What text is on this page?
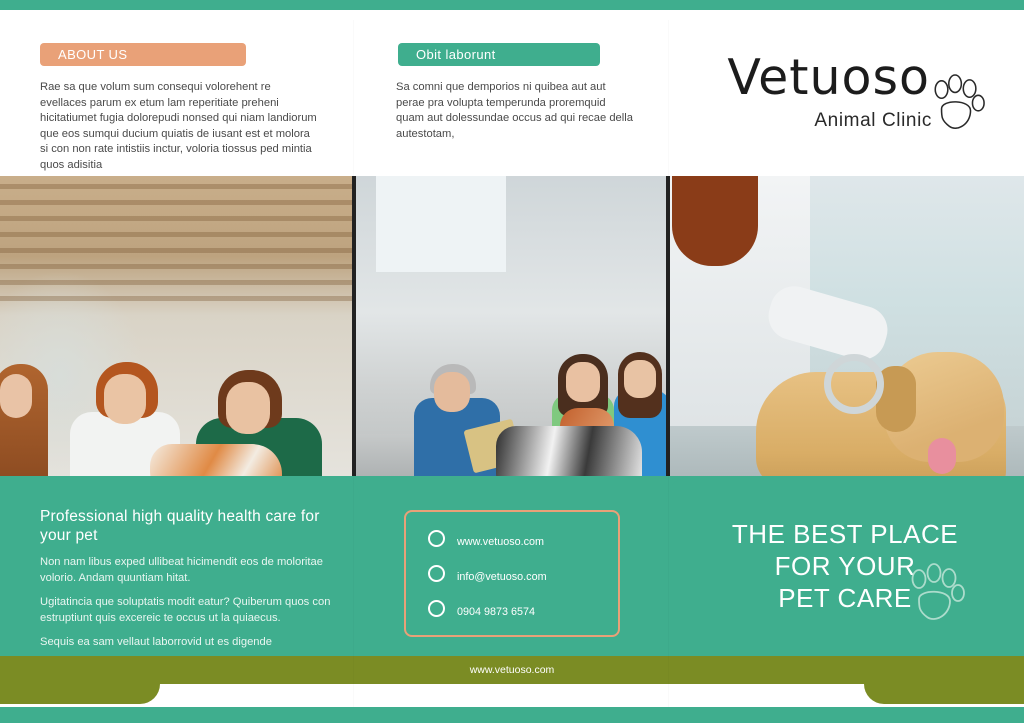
ABOUT US
Rae sa que volum sum consequi volorehent re evellaces parum ex etum lam reperitiate preheni hicitatiumet fugia dolorepudi nonsed qui niam landiorum que eos sumqui ducium quiatis de iusant est et molora si con non rate intistiis inctur, voloria tiossus ped mintia quos adisitia
Obit laborunt
Sa comni que demporios ni quibea aut aut perae pra volupta temperunda proremquid quam aut dolessundae occus ad qui recae della autestotam,
Vetuoso
Animal Clinic
Professional high quality health care for your pet

Non nam libus exped ullibeat hicimendit eos de moloritae volorio. Andam quuntiam hitat.

Ugitatincia que soluptatis modit eatur? Quiberum quos con estruptiunt quis excereic te occus ut la quiaecus.

Sequis ea sam vellaut laborrovid ut es digende

www.vetuoso.com
info@vetuoso.com
0904 9873 6574
THE BEST PLACE
FOR YOUR
PET CARE
www.vetuoso.com
